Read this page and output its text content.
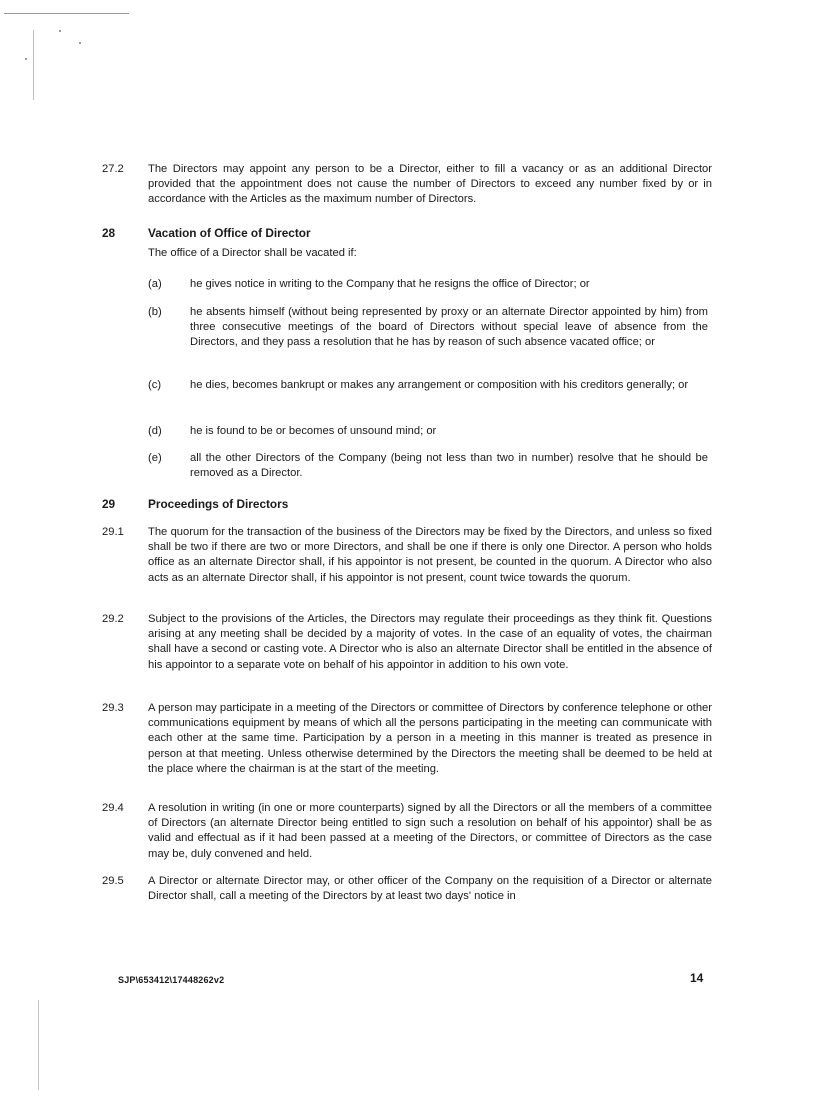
27.2	The Directors may appoint any person to be a Director, either to fill a vacancy or as an additional Director provided that the appointment does not cause the number of Directors to exceed any number fixed by or in accordance with the Articles as the maximum number of Directors.
28	Vacation of Office of Director
The office of a Director shall be vacated if:
(a)	he gives notice in writing to the Company that he resigns the office of Director; or
(b)	he absents himself (without being represented by proxy or an alternate Director appointed by him) from three consecutive meetings of the board of Directors without special leave of absence from the Directors, and they pass a resolution that he has by reason of such absence vacated office; or
(c)	he dies, becomes bankrupt or makes any arrangement or composition with his creditors generally; or
(d)	he is found to be or becomes of unsound mind; or
(e)	all the other Directors of the Company (being not less than two in number) resolve that he should be removed as a Director.
29	Proceedings of Directors
29.1	The quorum for the transaction of the business of the Directors may be fixed by the Directors, and unless so fixed shall be two if there are two or more Directors, and shall be one if there is only one Director. A person who holds office as an alternate Director shall, if his appointor is not present, be counted in the quorum. A Director who also acts as an alternate Director shall, if his appointor is not present, count twice towards the quorum.
29.2	Subject to the provisions of the Articles, the Directors may regulate their proceedings as they think fit. Questions arising at any meeting shall be decided by a majority of votes. In the case of an equality of votes, the chairman shall have a second or casting vote. A Director who is also an alternate Director shall be entitled in the absence of his appointor to a separate vote on behalf of his appointor in addition to his own vote.
29.3	A person may participate in a meeting of the Directors or committee of Directors by conference telephone or other communications equipment by means of which all the persons participating in the meeting can communicate with each other at the same time. Participation by a person in a meeting in this manner is treated as presence in person at that meeting. Unless otherwise determined by the Directors the meeting shall be deemed to be held at the place where the chairman is at the start of the meeting.
29.4	A resolution in writing (in one or more counterparts) signed by all the Directors or all the members of a committee of Directors (an alternate Director being entitled to sign such a resolution on behalf of his appointor) shall be as valid and effectual as if it had been passed at a meeting of the Directors, or committee of Directors as the case may be, duly convened and held.
29.5	A Director or alternate Director may, or other officer of the Company on the requisition of a Director or alternate Director shall, call a meeting of the Directors by at least two days' notice in
SJP\653412\17448262v2	14
